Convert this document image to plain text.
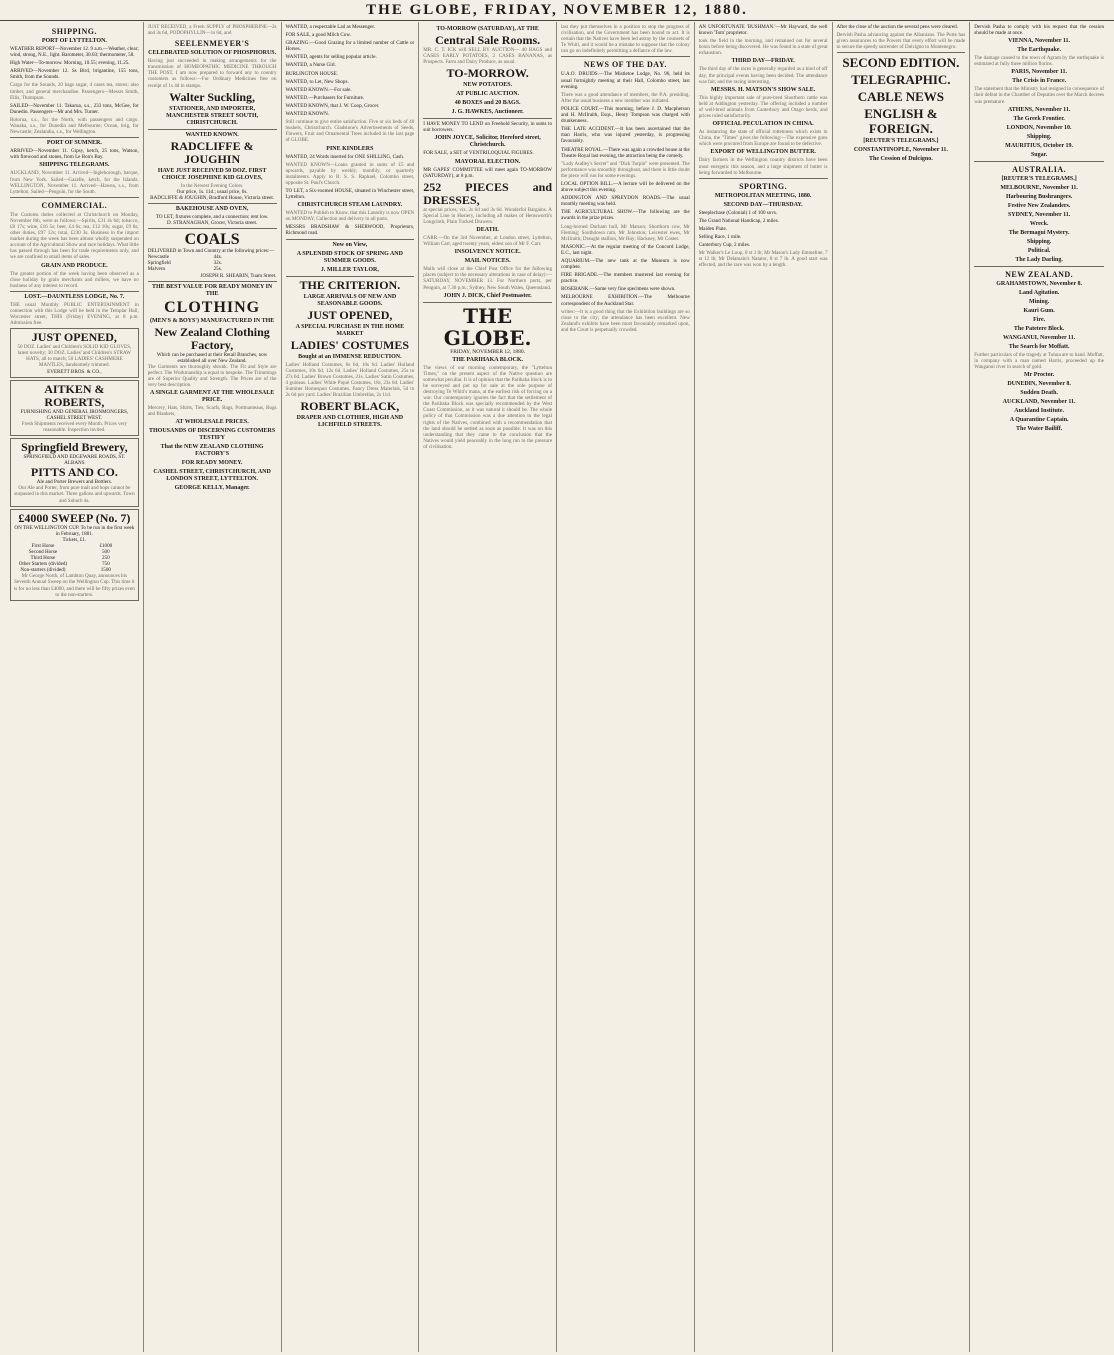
THE GLOBE, FRIDAY, NOVEMBER 12, 1880.
SHIPPING.
PORT OF LYTTELTON.
WEATHER REPORT—November 12. 9 a.m.—Weather, clear; wind, strong, N.E., light. Barometer, 30.03; thermometer, 58.
High Water—To-morrow. Morning, 10.55; evening, 11.25.
ARRIVED—November 12. Ss Bird, brigantine, 155 tons, Smith, from the Sounds.
Cargo for the Sounds, 20 bags sugar, 4 cases tea, stores; also timber, and general merchandise. Passengers—Messrs Smith, Ellis, Thompson.
SAILED—November 11. Takarua, s.s., 233 tons, McGee, for Dunedin. Passengers—Mr and Mrs. Turner.
Rotorua, s.s., for the North, with passengers and cargo. Wanaka, s.s., for Dunedin and Melbourne; Ocean, brig, for Newcastle; Zealandia, s.s., for Wellington.
PORT OF SUMNER.
ARRIVED—November 11. Gipsy, ketch, 25 tons, Watson, with firewood and stones, from Le Bon's Bay.
SHIPPING TELEGRAMS.
AUCKLAND, November 11. Arrived—Ingleborough, barque, from New York. Sailed—Gazelle, ketch, for the Islands. WELLINGTON, November 11. Arrived—Hawea, s.s., from Lyttelton. Sailed—Penguin, for the South.
COMMERCIAL.
The Customs duties collected at Christchurch on Monday, November 8th, were as follows:—Spirits, £31 4s 6d; tobacco, £8 17s; wine, £16 5s; beer, £4 6s; tea, £12 10s; sugar, £9 8s; other duties, £97 12s; total, £230 3s. Business in the import market during the week has been almost wholly suspended on account of the Agricultural Show and race holidays. What little has passed through has been for trade requirements only, and we are confined to small items of sales.
GRAIN AND PRODUCE.
The greater portion of the week having been observed as a close holiday by grain merchants and millers, we have no business of any interest to record.
LOST.—DAUNTLESS LODGE, No. 7.
THE usual Monthly PUBLIC ENTERTAINMENT in connection with this Lodge will be held in the Templar Hall, Worcester street, THIS (Friday) EVENING, at 8 p.m. Admission free.
JUST OPENED,
50 DOZ. Ladies' and Children's SOLID KID GLOVES, latest novelty; 30 DOZ. Ladies' and Children's STRAW HATS, all to match; 50 LADIES' CASHMERE MANTLES, handsomely trimmed.
EVERETT BROS. & CO.,
AITKEN & ROBERTS,
FURNISHING AND GENERAL IRONMONGERS, CASHEL STREET WEST.
Fresh Shipments received every Month. Prices very reasonable. Inspection invited.
Springfield Brewery,
SPRINGFIELD AND EDGEWARE ROADS, ST. ALBANS
PITTS AND CO.
Ale and Porter Brewers and Bottlers.
Our Ale and Porter, from pure malt and hops cannot be surpassed in this market. Three gallons and upwards. Town and Suburb 4s.
£4000 SWEEP (No. 7)
ON THE WELLINGTON CUP. To be run in the first week in February, 1881.
Tickets, £1.
First Horse	£1000
Second Horse	500
Third Horse	250
Other Starters (divided)	750
Non-starters (divided)	1500
Mr George North, of Lambton Quay, announces his Seventh Annual Sweep on the Wellington Cup. This time it is for no less than £4000, and there will be fifty prizes even to the non-starters.
JUST RECEIVED, a Fresh SUPPLY of PHOSPHERINE—2s and 3s 6d, PODOPHYLLIN—1s 6d, and
SEELENMEYER'S
CELEBRATED SOLUTION OF PHOSPHORUS.
Having just succeeded in making arrangements for the transmission of HOMEOPATHIC MEDICINE THROUGH THE POST, I am now prepared to forward any to country customers as follows:—For Ordinary Medicines free on receipt of 1s 4d in stamps.
Walter Suckling,
STATIONER, AND IMPORTER, MANCHESTER STREET SOUTH, CHRISTCHURCH.
WANTED KNOWN.
RADCLIFFE & JOUGHIN
HAVE JUST RECEIVED 50 DOZ. FIRST CHOICE JOSEPHINE KID GLOVES,
In the Newest Evening Colors.
Our price, 1s. 11d.; usual price, 6s.
RADCLIFFE & JOUGHIN, Bradford House, Victoria street.
BAKEHOUSE AND OVEN,
TO LET, fixtures complete, and a connection; rent low.
D. STRANAGHAN, Grocer, Victoria street.
COALS
DELIVERED in Town and Country at the following prices:—
Newcastle	44s.
Springfield	32s.
Malvern	25s.
JOSEPH R. SHEARIN, Tuam Street.
THE BEST VALUE FOR READY MONEY IN THE
CLOTHING
(MEN'S & BOYS') MANUFACTURED IN THE
New Zealand Clothing Factory,
Which can be purchased at their Retail Branches, now established all over New Zealand.
The Garments are thoroughly shrunk. The Fit and Style are perfect. The Workmanship is equal to bespoke. The Trimmings are of Superior Quality and Strength. The Prices are of the very best description.
A SINGLE GARMENT AT THE WHOLESALE PRICE.
Mercery, Hats, Shirts, Ties, Scarfs, Bags, Portmanteaus, Rugs and Blankets,
AT WHOLESALE PRICES.
THOUSANDS OF DISCERNING CUSTOMERS TESTIFY
That the NEW ZEALAND CLOTHING FACTORY'S
FOR READY MONEY.
CASHEL STREET, CHRISTCHURCH, AND LONDON STREET, LYTTELTON.
GEORGE KELLY, Manager.
WANTED, a respectable Lad as Messenger.
FOR SALE, a good Milch Cow.
GRAZING.—Good Grazing for a limited number of Cattle or Horses.
WANTED, agents for selling popular article.
WANTED, a Nurse Girl.
BURLINGTON HOUSE.
WANTED, to Let, New Shops.
WANTED KNOWN.—For sale.
WANTED.—Purchasers for Furniture.
WANTED KNOWN, that J. W. Coop, Grocer.
WANTED KNOWN.
Still continue to give entire satisfaction. Five or six beds of 40 bushels, Christchurch. Gladstone's Advertisements of Seeds, Flowers, Fruit and Ornamental Trees included in the last page of GLOBE.
PINE KINDLERS
WANTED, 24 Words inserted for ONE SHILLING, Cash.
WANTED KNOWN—Loans granted in sums of £5 and upwards, payable by weekly, monthly, or quarterly instalments. Apply to R. S. S. Raphael, Colombo street, opposite St. Paul's Church.
TO LET, a Six-roomed HOUSE, situated in Winchester street, Lyttelton.
CHRISTCHURCH STEAM LAUNDRY.
WANTED to Publish to Know, that this Laundry is now OPEN on MONDAY, Collection and delivery in all parts.
MESSRS BRADSHAW & SHERWOOD, Proprietors, Richmond road.
Now on View,
A SPLENDID STOCK OF SPRING AND SUMMER GOODS.
J. MILLER TAYLOR,
THE CRITERION.
LARGE ARRIVALS OF NEW AND SEASONABLE GOODS.
JUST OPENED,
A SPECIAL PURCHASE IN THE HOME MARKET
LADIES' COSTUMES
Bought at an IMMENSE REDUCTION.
Ladies' Holland Costumes, 6s 6d, 10s 6d. Ladies' Holland Costumes, 10s 6d, 12s 6d. Ladies' Holland Costumes, 25s to 27s 6d. Ladies' Brown Costumes, 21s. Ladies' Satin Costumes, 4 guineas. Ladies' White Piqué Costumes, 18s, 23s 6d. Ladies' Summer Homespun Costumes. Fancy Dress Materials, 5d to 2s 6d per yard. Ladies' Brazilian Umbrellas, 2s 11d.
ROBERT BLACK,
DRAPER AND CLOTHIER, HIGH AND LICHFIELD STREETS.
TO-MORROW (SATURDAY), AT THE
Central Sale Rooms.
MR. C. T. ICK will SELL BY AUCTION— 40 BAGS and CASES EARLY POTATOES, 2 CASES BANANAS, as Prospects. Farm and Dairy Produce, as usual.
TO-MORROW.
NEW POTATOES.
AT PUBLIC AUCTION.
40 BOXES and 20 BAGS.
J. G. HAWKES, Auctioneer.
I HAVE MONEY TO LEND on Freehold Security, in sums to suit borrowers.
JOHN JOYCE, Solicitor, Hereford street, Christchurch.
FOR SALE, a SET of VENTRILOQUIAL FIGURES.
MAYORAL ELECTION.
MR GAPES' COMMITTEE will meet again TO-MORROW (SATURDAY), at 8 p.m.
252 PIECES and DRESSES,
at special prices, viz. 2s 6d and 3s 6d. Wonderful Bargains. A Special Line in Hosiery, including all makes of Hemsworth's Longcloth, Plain Tucked Drawers.
DEATH.
CARR.—On the 3rd November, at London street, Lyttelton, William Carr, aged twenty years, eldest son of Mr F. Carr.
INSOLVENCY NOTICE.
MAIL NOTICES.
Mails will close at the Chief Post Office for the following places (subject to the necessary alterations in case of delay):— SATURDAY, NOVEMBER 13. For Northern ports, per Penguin, at 7.30 p.m.; Sydney, New South Wales, Queensland.
JOHN J. DICK, Chief Postmaster.
THE GLOBE.
FRIDAY, NOVEMBER 12, 1880.
THE PARIHAKA BLOCK.
The views of our morning contemporary, the "Lyttelton Times," on the present aspect of the Native question are somewhat peculiar. It is of opinion that the Parihaka block is to be surveyed and put up for sale at the sole purpose of destroying Te Whiti's mana, at the earliest risk of forcing on a war. Our contemporary ignores the fact that the settlement of the Parihaka Block was specially recommended by the West Coast Commission, as it was natural it should be. The whole policy of that Commission was a due attention to the legal rights of the Natives, combined with a recommendation that the land should be settled as soon as possible. It was on this understanding that they came to the conclusion that the Natives would yield peaceably in the long run to the pressure of civilisation.
last they put themselves in a position to stop the progress of civilisation, and the Government has been bound to act. It is certain that the Natives have been led astray by the counsels of Te Whiti, and it would be a mistake to suppose that the colony can go on indefinitely permitting a defiance of the law.
NEWS OF THE DAY.
U.A.O. DRUIDS.—The Mistletoe Lodge, No. 96, held its usual fortnightly meeting at their Hall, Colombo street, last evening.
There was a good attendance of members, the P.A. presiding. After the usual business a new member was initiated.
POLICE COURT.—This morning, before J. D. Macpherson and H. McIlraith, Esqs., Henry Tompson was charged with drunkenness.
THE LATE ACCIDENT.—It has been ascertained that the man Harris, who was injured yesterday, is progressing favourably.
THEATRE ROYAL.—There was again a crowded house at the Theatre Royal last evening, the attraction being the comedy.
"Lady Audley's Secret" and "Dick Turpin" were presented. The performance was smoothly throughout, and there is little doubt the piece will run for some evenings.
LOCAL OPTION BILL.—A lecture will be delivered on the above subject this evening.
ADDINGTON AND SPREYDON ROADS.—The usual monthly meeting was held.
THE AGRICULTURAL SHOW.—The following are the awards in the prize prizes.
Long-horned Durham bull, Mr Matson; Shorthorn cow, Mr Fleming; Southdown ram, Mr Johnston; Leicester ewes, Mr McIlraith; Draught stallion, Mr Hay; Hackney, Mr Coster.
MASONIC.—At the regular meeting of the Concord Lodge, E.C., last night.
AQUARIUM.—The new tank at the Museum is now complete.
FIRE BRIGADE.—The members mustered last evening for practice.
ROSEBANK.—Some very fine specimens were shown.
MELBOURNE EXHIBITION.—The Melbourne correspondent of the Auckland Star.
writes:—It is a good thing that the Exhibition buildings are so close to the city; the attendance has been excellent. New Zealand's exhibits have been most favourably remarked upon, and the Court is perpetually crowded.
AN UNFORTUNATE 'BUSHMAN.'—Mr Hayward, the well known 'Tom' proprietor.
took the field in the morning, and remained out for several hours before being discovered. He was found in a state of great exhaustion.
THIRD DAY—FRIDAY.
The third day of the races is generally regarded as a kind of off day, the principal events having been decided. The attendance was fair, and the racing interesting.
MESSRS. H. MATSON'S SHOW SALE.
This highly important sale of pure-bred Shorthorn cattle was held at Addington yesterday. The offering included a number of well-bred animals from Canterbury and Otago herds, and prices ruled satisfactorily.
OFFICIAL PECULATION IN CHINA.
As instancing the state of official rottenness which exists in China, the "Times" gives the following:—The expensive guns which were procured from Europe are found to be defective.
EXPORT OF WELLINGTON BUTTER.
Dairy farmers in the Wellington country districts have been most energetic this season, and a large shipment of butter is being forwarded to Melbourne.
SPORTING.
METROPOLITAN MEETING, 1880.
SECOND DAY—THURSDAY.
Steeplechase (Colonial) 1 of 100 sovs.
The Grand National Handicap, 2 miles.
Maiden Plate.
Selling Race, 1 mile.
Canterbury Cup, 2 miles.
Mr Walker's Le Loup, 8 st 3 lb; Mr Mason's Lady Emmeline, 7 st 12 lb; Mr Delamain's Natator, 8 st 7 lb. A good start was effected, and the race was won by a length.
After the close of the auction the several pens were cleared.
Dervish Pasha advancing against the Albanians. The Porte has given assurances to the Powers that every effort will be made to secure the speedy surrender of Dulcigno to Montenegro.
SECOND EDITION.
TELEGRAPHIC.
CABLE NEWS
ENGLISH & FOREIGN.
[REUTER'S TELEGRAMS.]
CONSTANTINOPLE, November 11.
The Cession of Dulcigno.
Dervish Pasha to comply with his request that the cession should be made at once.
VIENNA, November 11.
The Earthquake.
The damage caused to the town of Agram by the earthquake is estimated at fully three million florins.
PARIS, November 11.
The Crisis in France.
The statement that the Ministry had resigned in consequence of their defeat in the Chamber of Deputies over the March decrees was premature.
ATHENS, November 11.
The Greek Frontier.
LONDON, November 10.
Shipping.
MAURITIUS, October 19.
Sugar.
AUSTRALIA.
[REUTER'S TELEGRAMS.]
MELBOURNE, November 11.
Harbouring Bushrangers.
Festive New Zealanders.
SYDNEY, November 11.
Wreck.
The Bermagui Mystery.
Shipping.
Political.
The Lady Darling.
NEW ZEALAND.
GRAHAMSTOWN, November 8.
Land Agitation.
Mining.
Kauri Gum.
Fire.
The Patetere Block.
WANGANUI, November 11.
The Search for Moffatt.
Further particulars of the tragedy at Tuhua are to hand. Moffatt, in company with a man named Harris, proceeded up the Wanganui river in search of gold.
Mr Proctor.
DUNEDIN, November 8.
Sudden Death.
AUCKLAND, November 11.
Auckland Institute.
A Quarantine Captain.
The Water Bailiff.
